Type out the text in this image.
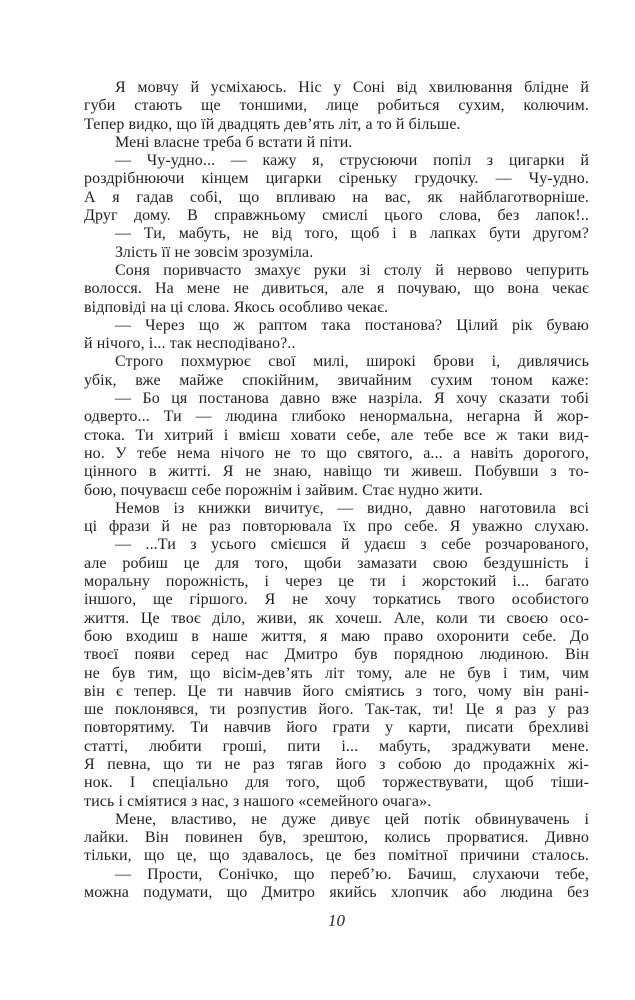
Я мовчу й усміхаюсь. Ніс у Соні від хвилювання блідне й
губи стають ще тоншими, лице робиться сухим, колючим.
Тепер видко, що їй двадцять дев’ять літ, а то й більше.
Мені власне треба б встати й піти.
— Чу-удно... — кажу я, струсюючи попіл з цигарки й
роздрібнюючи кінцем цигарки сіреньку грудочку. — Чу-удно.
А я гадав собі, що впливаю на вас, як найблаготворніше.
Друг дому. В справжньому смислі цього слова, без лапок!..
— Ти, мабуть, не від того, щоб і в лапках бути другом?
Злість її не зовсім зрозуміла.
Соня поривчасто змахує руки зі столу й нервово чепурить
волосся. На мене не дивиться, але я почуваю, що вона чекає
відповіді на ці слова. Якось особливо чекає.
— Через що ж раптом така постанова? Цілий рік буваю
й нічого, і... так несподівано?..
Строго похмурює свої милі, широкі брови і, дивлячись
убік, вже майже спокійним, звичайним сухим тоном каже:
— Бо ця постанова давно вже назріла. Я хочу сказати тобі
одверто... Ти — людина глибоко ненормальна, негарна й жор-
стока. Ти хитрий і вмієш ховати себе, але тебе все ж таки вид-
но. У тебе нема нічого не то що святого, а... а навіть дорогого,
цінного в житті. Я не знаю, навіщо ти живеш. Побувши з то-
бою, почуваєш себе порожнім і зайвим. Стає нудно жити.
Немов із книжки вичитує, — видно, давно наготовила всі
ці фрази й не раз повторювала їх про себе. Я уважно слухаю.
— ...Ти з усього смієшся й удаєш з себе розчарованого,
але робиш це для того, щоби замазати свою бездушність і
моральну порожність, і через це ти і жорстокий і... багато
іншого, ще гіршого. Я не хочу торкатись твого особистого
життя. Це твоє діло, живи, як хочеш. Але, коли ти своєю осо-
бою входиш в наше життя, я маю право охоронити себе. До
твоєї появи серед нас Дмитро був порядною людиною. Він
не був тим, що вісім-дев’ять літ тому, але не був і тим, чим
він є тепер. Це ти навчив його сміятись з того, чому він рані-
ше поклонявся, ти розпустив його. Так-так, ти! Це я раз у раз
повторятиму. Ти навчив його грати у карти, писати брехливі
статті, любити гроші, пити і... мабуть, зраджувати мене.
Я певна, що ти не раз тягав його з собою до продажніх жі-
нок. І спеціально для того, щоб торжествувати, щоб тіши-
тись і сміятися з нас, з нашого «семейного очага».
Мене, властиво, не дуже дивує цей потік обвинувачень і
лайки. Він повинен був, зрештою, колись прорватися. Дивно
тільки, що це, що здавалось, це без помітної причини сталось.
— Прости, Сонічко, що переб’ю. Бачиш, слухаючи тебе,
можна подумати, що Дмитро якийсь хлопчик або людина без
10
